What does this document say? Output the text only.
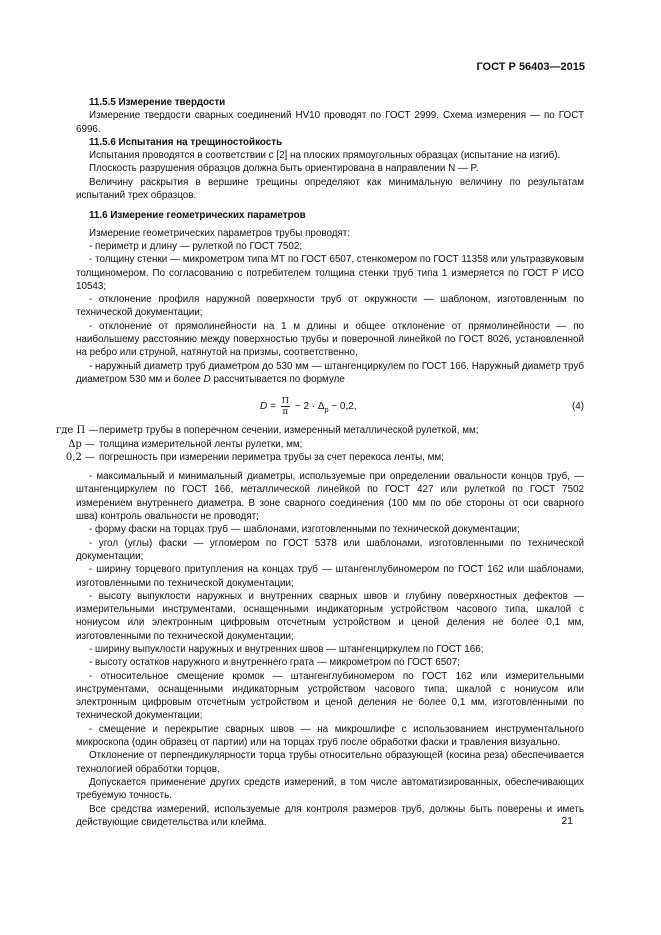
ГОСТ Р 56403—2015

11.5.5 Измерение твердости

Измерение твердости сварных соединений HV10 проводят по ГОСТ 2999. Схема измерения — по ГОСТ 6996.

11.5.6 Испытания на трещиностойкость

Испытания проводятся в соответствии с [2] на плоских прямоугольных образцах (испытание на изгиб).

Плоскость разрушения образцов должна быть ориентирована в направлении N — P.

Величину раскрытия в вершине трещины определяют как минимальную величину по результатам испытаний трех образцов.

11.6 Измерение геометрических параметров

Измерение геометрических параметров трубы проводят:

- периметр и длину — рулеткой по ГОСТ 7502;

- толщину стенки — микрометром типа МТ по ГОСТ 6507, стенкомером по ГОСТ 11358 или ультразвуковым толщиномером. По согласованию с потребителем толщина стенки труб типа 1 измеряется по ГОСТ Р ИСО 10543;

- отклонение профиля наружной поверхности труб от окружности — шаблоном, изготовленным по технической документации;

- отклонение от прямолинейности на 1 м длины и общее отклонение от прямолинейности — по наибольшему расстоянию между поверхностью трубы и поверочной линейкой по ГОСТ 8026, установленной на ребро или струной, натянутой на призмы, соответственно,

- наружный диаметр труб диаметром до 530 мм — штангенциркулем по ГОСТ 166. Наружный диаметр труб диаметром 530 мм и более D рассчитывается по формуле

$D = \frac{П}{\pi} - 2 \cdot \Delta_р - 0,2$,	(4)
где П — периметр трубы в поперечном сечении, измеренный металлической рулеткой, мм;
Δр — толщина измерительной ленты рулетки, мм;
0,2 — погрешность при измерении периметра трубы за счет перекоса ленты, мм;

- максимальный и минимальный диаметры, используемые при определении овальности концов труб, — штангенциркулем по ГОСТ 166, металлической линейкой по ГОСТ 427 или рулеткой по ГОСТ 7502 измерением внутреннего диаметра. В зоне сварного соединения (100 мм по обе стороны от оси сварного шва) контроль овальности не проводят;

- форму фаски на торцах труб — шаблонами, изготовленными по технической документации;

- угол (углы) фаски — угломером по ГОСТ 5378 или шаблонами, изготовленными по технической документации;

- ширину торцевого притупления на концах труб — штангенглубиномером по ГОСТ 162 или шаблонами, изготовленными по технической документации;

- высоту выпуклости наружных и внутренних сварных швов и глубину поверхностных дефектов — измерительными инструментами, оснащенными индикаторным устройством часового типа, шкалой с нониусом или электронным цифровым отсчетным устройством и ценой деления не более 0,1 мм, изготовленными по технической документации;

- ширину выпуклости наружных и внутренних швов — штангенциркулем по ГОСТ 166;

- высоту остатков наружного и внутреннего грата — микрометром по ГОСТ 6507;

- относительное смещение кромок — штангенглубиномером по ГОСТ 162 или измерительными инструментами, оснащенными индикаторным устройством часового типа, шкалой с нониусом или электронным цифровым отсчетным устройством и ценой деления не более 0,1 мм, изготовленными по технической документации;

- смещение и перекрытие сварных швов — на микрошлифе с использованием инструментального микроскопа (один образец от партии) или на торцах труб после обработки фаски и травления визуально.

Отклонение от перпендикулярности торца трубы относительно образующей (косина реза) обеспечивается технологией обработки торцов.

Допускается применение других средств измерений, в том числе автоматизированных, обеспечивающих требуемую точность.

Все средства измерений, используемые для контроля размеров труб, должны быть поверены и иметь действующие свидетельства или клейма.	21
